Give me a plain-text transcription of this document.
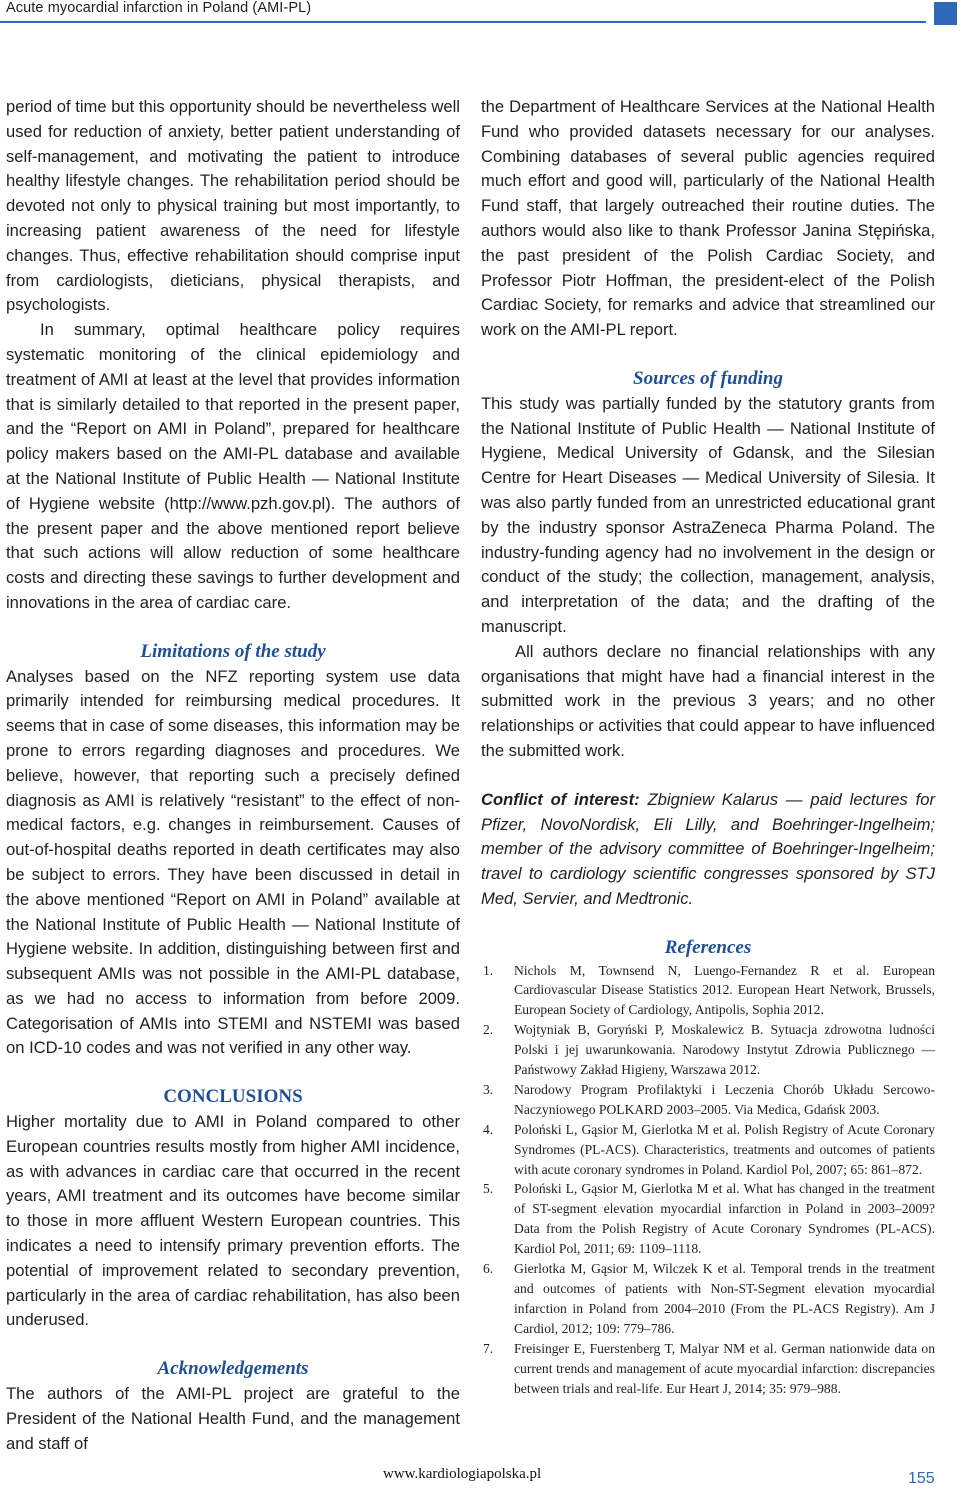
Acute myocardial infarction in Poland (AMI-PL)

period of time but this opportunity should be nevertheless well used for reduction of anxiety, better patient understanding of self-management, and motivating the patient to introduce healthy lifestyle changes. The rehabilitation period should be devoted not only to physical training but most importantly, to increasing patient awareness of the need for lifestyle changes. Thus, effective rehabilitation should comprise input from cardiologists, dieticians, physical therapists, and psychologists.

In summary, optimal healthcare policy requires systematic monitoring of the clinical epidemiology and treatment of AMI at least at the level that provides information that is similarly detailed to that reported in the present paper, and the “Report on AMI in Poland”, prepared for healthcare policy makers based on the AMI-PL database and available at the National Institute of Public Health — National Institute of Hygiene website (http://www.pzh.gov.pl). The authors of the present paper and the above mentioned report believe that such actions will allow reduction of some healthcare costs and directing these savings to further development and innovations in the area of cardiac care.

Limitations of the study

Analyses based on the NFZ reporting system use data primarily intended for reimbursing medical procedures. It seems that in case of some diseases, this information may be prone to errors regarding diagnoses and procedures. We believe, however, that reporting such a precisely defined diagnosis as AMI is relatively “resistant” to the effect of non-medical factors, e.g. changes in reimbursement. Causes of out-of-hospital deaths reported in death certificates may also be subject to errors. They have been discussed in detail in the above mentioned “Report on AMI in Poland” available at the National Institute of Public Health — National Institute of Hygiene website. In addition, distinguishing between first and subsequent AMIs was not possible in the AMI-PL database, as we had no access to information from before 2009. Categorisation of AMIs into STEMI and NSTEMI was based on ICD-10 codes and was not verified in any other way.

CONCLUSIONS

Higher mortality due to AMI in Poland compared to other European countries results mostly from higher AMI incidence, as with advances in cardiac care that occurred in the recent years, AMI treatment and its outcomes have become similar to those in more affluent Western European countries. This indicates a need to intensify primary prevention efforts. The potential of improvement related to secondary prevention, particularly in the area of cardiac rehabilitation, has also been underused.

Acknowledgements

The authors of the AMI-PL project are grateful to the President of the National Health Fund, and the management and staff of

the Department of Healthcare Services at the National Health Fund who provided datasets necessary for our analyses. Combining databases of several public agencies required much effort and good will, particularly of the National Health Fund staff, that largely outreached their routine duties. The authors would also like to thank Professor Janina Stępińska, the past president of the Polish Cardiac Society, and Professor Piotr Hoffman, the president-elect of the Polish Cardiac Society, for remarks and advice that streamlined our work on the AMI-PL report.

Sources of funding

This study was partially funded by the statutory grants from the National Institute of Public Health — National Institute of Hygiene, Medical University of Gdansk, and the Silesian Centre for Heart Diseases — Medical University of Silesia. It was also partly funded from an unrestricted educational grant by the industry sponsor AstraZeneca Pharma Poland. The industry-funding agency had no involvement in the design or conduct of the study; the collection, management, analysis, and interpretation of the data; and the drafting of the manuscript.

All authors declare no financial relationships with any organisations that might have had a financial interest in the submitted work in the previous 3 years; and no other relationships or activities that could appear to have influenced the submitted work.

Conflict of interest: Zbigniew Kalarus — paid lectures for Pfizer, NovoNordisk, Eli Lilly, and Boehringer-Ingelheim; member of the advisory committee of Boehringer-Ingelheim; travel to cardiology scientific congresses sponsored by STJ Med, Servier, and Medtronic.

References
1. Nichols M, Townsend N, Luengo-Fernandez R et al. European Cardiovascular Disease Statistics 2012. European Heart Network, Brussels, European Society of Cardiology, Antipolis, Sophia 2012.
2. Wojtyniak B, Goryński P, Moskalewicz B. Sytuacja zdrowotna ludności Polski i jej uwarunkowania. Narodowy Instytut Zdrowia Publicznego — Państwowy Zakład Higieny, Warszawa 2012.
3. Narodowy Program Profilaktyki i Leczenia Chorób Układu Sercowo-Naczyniowego POLKARD 2003–2005. Via Medica, Gdańsk 2003.
4. Poloński L, Gąsior M, Gierlotka M et al. Polish Registry of Acute Coronary Syndromes (PL-ACS). Characteristics, treatments and outcomes of patients with acute coronary syndromes in Poland. Kardiol Pol, 2007; 65: 861–872.
5. Poloński L, Gąsior M, Gierlotka M et al. What has changed in the treatment of ST-segment elevation myocardial infarction in Poland in 2003–2009? Data from the Polish Registry of Acute Coronary Syndromes (PL-ACS). Kardiol Pol, 2011; 69: 1109–1118.
6. Gierlotka M, Gąsior M, Wilczek K et al. Temporal trends in the treatment and outcomes of patients with Non-ST-Segment elevation myocardial infarction in Poland from 2004–2010 (From the PL-ACS Registry). Am J Cardiol, 2012; 109: 779–786.
7. Freisinger E, Fuerstenberg T, Malyar NM et al. German nationwide data on current trends and management of acute myocardial infarction: discrepancies between trials and real-life. Eur Heart J, 2014; 35: 979–988.
www.kardiologiapolska.pl	155
